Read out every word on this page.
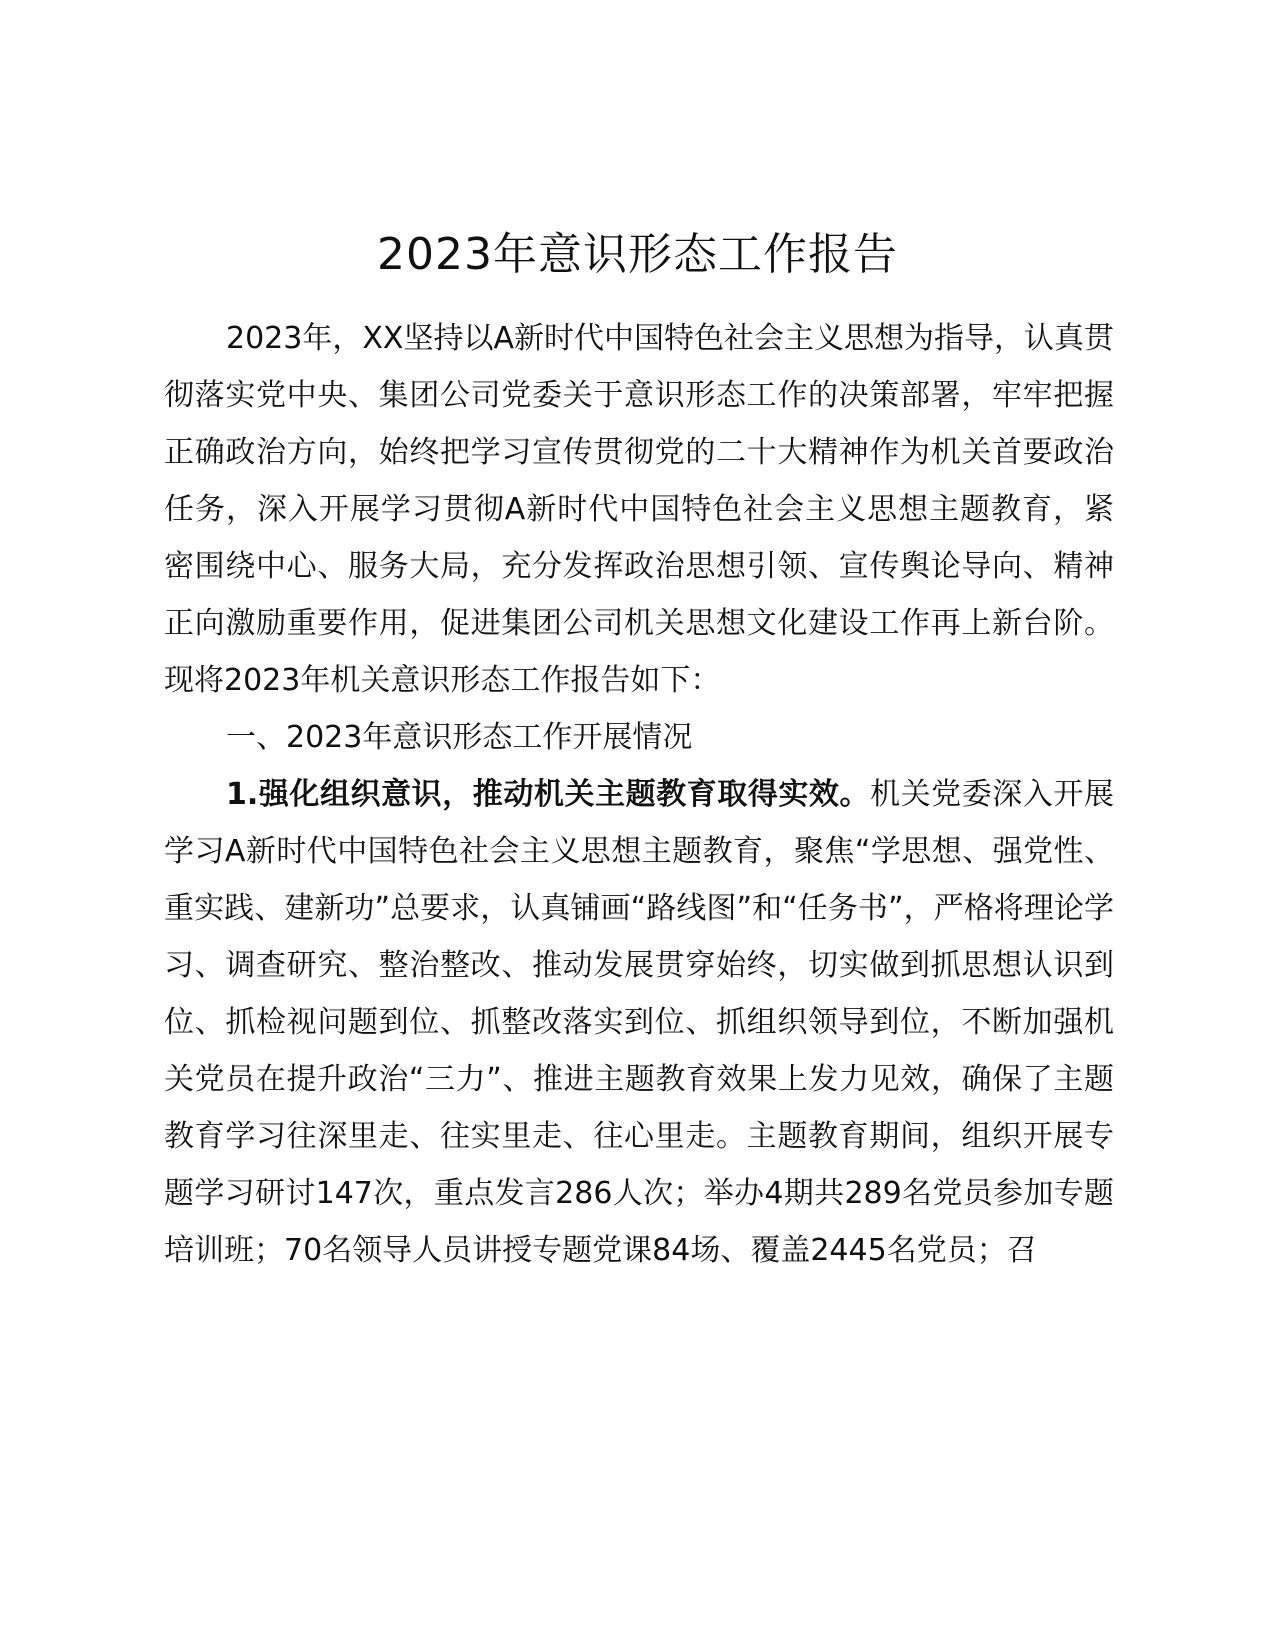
2023年意识形态工作报告

2023年，XX坚持以A新时代中国特色社会主义思想为指导，认真贯彻落实党中央、集团公司党委关于意识形态工作的决策部署，牢牢把握正确政治方向，始终把学习宣传贯彻党的二十大精神作为机关首要政治任务，深入开展学习贯彻A新时代中国特色社会主义思想主题教育，紧密围绕中心、服务大局，充分发挥政治思想引领、宣传舆论导向、精神正向激励重要作用，促进集团公司机关思想文化建设工作再上新台阶。现将2023年机关意识形态工作报告如下：

一、2023年意识形态工作开展情况

1.强化组织意识，推动机关主题教育取得实效。机关党委深入开展学习A新时代中国特色社会主义思想主题教育，聚焦“学思想、强党性、重实践、建新功”总要求，认真铺画“路线图”和“任务书”，严格将理论学习、调查研究、整治整改、推动发展贯穿始终，切实做到抓思想认识到位、抓检视问题到位、抓整改落实到位、抓组织领导到位，不断加强机关党员在提升政治“三力”、推进主题教育效果上发力见效，确保了主题教育学习往深里走、往实里走、往心里走。主题教育期间，组织开展专题学习研讨147次，重点发言286人次；举办4期共289名党员参加专题培训班；70名领导人员讲授专题党课84场、覆盖2445名党员；召
